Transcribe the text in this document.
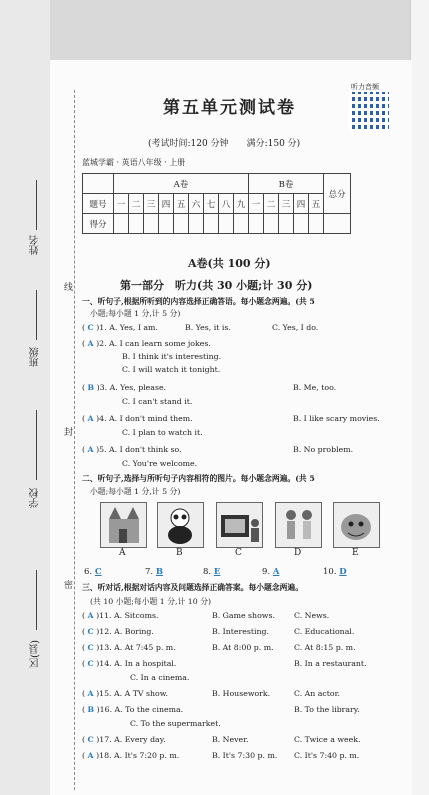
姓名
班级
学校
区(县)
线
封
密
听力音频
第五单元测试卷
(考试时间:120 分钟　　满分:150 分)
蓝城学霸 · 英语八年级 · 上册
	A卷									B卷					总分
题号	一	二	三	四	五	六	七	八	九	一	二	三	四	五	
得分															
A卷(共 100 分)
第一部分　听力(共 30 小题;计 30 分)
一、听句子,根据所听到的内容选择正确答语。每小题念两遍。(共 5
小题;每小题 1 分,计 5 分)
( C )1. A. Yes, I am.	B. Yes, it is.	C. Yes, I do.
( A )2. A. I can learn some jokes.
B. I think it's interesting.
C. I will watch it tonight.
( B )3. A. Yes, please.	B. Me, too.
C. I can't stand it.
( A )4. A. I don't mind them.	B. I like scary movies.
C. I plan to watch it.
( A )5. A. I don't think so.	B. No problem.
C. You're welcome.
二、听句子,选择与所听句子内容相符的图片。每小题念两遍。(共 5
小题;每小题 1 分,计 5 分)
A	B	C	D	E
6. C	7. B	8. E	9. A	10. D
三、听对话,根据对话内容及问题选择正确答案。每小题念两遍。
(共 10 小题;每小题 1 分,计 10 分)
( A )11. A. Sitcoms.	B. Game shows. C. News.
( C )12. A. Boring.	B. Interesting.	C. Educational.
( C )13. A. At 7:45 p. m.	B. At 8:00 p. m.	C. At 8:15 p. m.
( C )14. A. In a hospital.	B. In a restaurant.
C. In a cinema.
( A )15. A. A TV show.	B. Housework.	C. An actor.
( B )16. A. To the cinema.	B. To the library.
C. To the supermarket.
( C )17. A. Every day.	B. Never.	C. Twice a week.
( A )18. A. It's 7:20 p. m.	B. It's 7:30 p. m. C. It's 7:40 p. m.
